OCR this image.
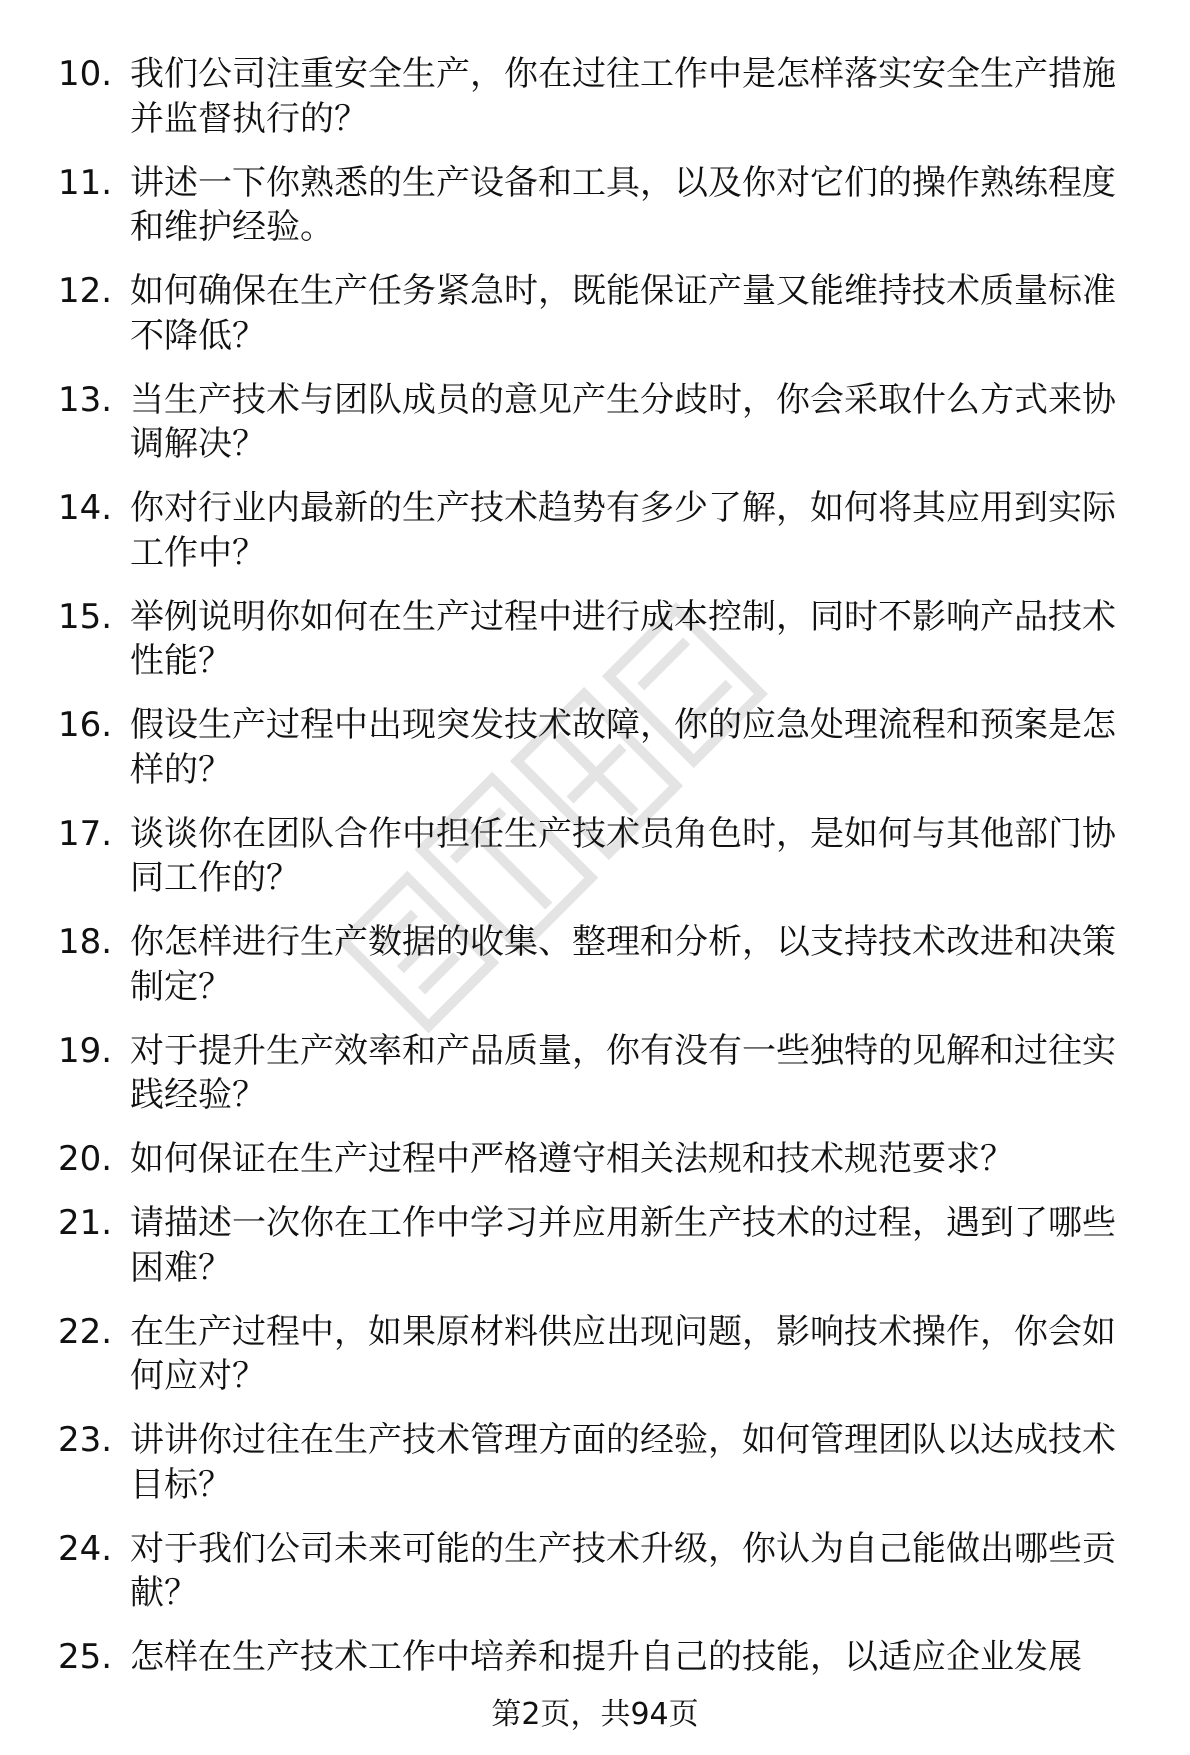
10. 我们公司注重安全生产，你在过往工作中是怎样落实安全生产措施并监督执行的？
11. 讲述一下你熟悉的生产设备和工具，以及你对它们的操作熟练程度和维护经验。
12. 如何确保在生产任务紧急时，既能保证产量又能维持技术质量标准不降低？
13. 当生产技术与团队成员的意见产生分歧时，你会采取什么方式来协调解决？
14. 你对行业内最新的生产技术趋势有多少了解，如何将其应用到实际工作中？
15. 举例说明你如何在生产过程中进行成本控制，同时不影响产品技术性能？
16. 假设生产过程中出现突发技术故障，你的应急处理流程和预案是怎样的？
17. 谈谈你在团队合作中担任生产技术员角色时，是如何与其他部门协同工作的？
18. 你怎样进行生产数据的收集、整理和分析，以支持技术改进和决策制定？
19. 对于提升生产效率和产品质量，你有没有一些独特的见解和过往实践经验？
20. 如何保证在生产过程中严格遵守相关法规和技术规范要求？
21. 请描述一次你在工作中学习并应用新生产技术的过程，遇到了哪些困难？
22. 在生产过程中，如果原材料供应出现问题，影响技术操作，你会如何应对？
23. 讲讲你过往在生产技术管理方面的经验，如何管理团队以达成技术目标？
24. 对于我们公司未来可能的生产技术升级，你认为自己能做出哪些贡献？
25. 怎样在生产技术工作中培养和提升自己的技能，以适应企业发展
第2页，共94页
